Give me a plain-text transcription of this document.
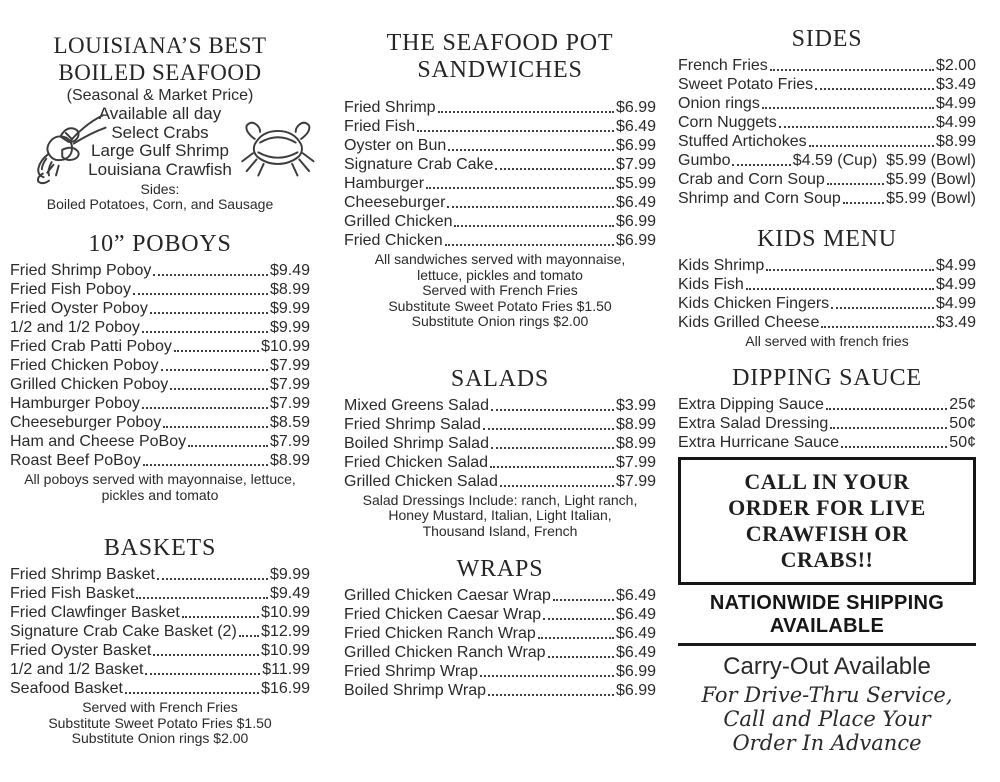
LOUISIANA’S BEST
BOILED SEAFOOD
(Seasonal & Market Price)
Available all day
Select Crabs
Large Gulf Shrimp
Louisiana Crawfish
Sides:
Boiled Potatoes, Corn, and Sausage
10” POBOYS
Fried Shrimp Poboy	$9.49
Fried Fish Poboy	$8.99
Fried Oyster Poboy	$9.99
1/2 and 1/2 Poboy	$9.99
Fried Crab Patti Poboy	$10.99
Fried Chicken Poboy	$7.99
Grilled Chicken Poboy	$7.99
Hamburger Poboy	$7.99
Cheeseburger Poboy	$8.59
Ham and Cheese PoBoy	$7.99
Roast Beef PoBoy	$8.99
All poboys served with mayonnaise, lettuce,
pickles and tomato
BASKETS
Fried Shrimp Basket	$9.99
Fried Fish Basket	$9.49
Fried Clawfinger Basket	$10.99
Signature Crab Cake Basket (2) $12.99
Fried Oyster Basket	$10.99
1/2 and 1/2 Basket	$11.99
Seafood Basket	$16.99
Served with French Fries
Substitute Sweet Potato Fries $1.50
Substitute Onion rings $2.00
THE SEAFOOD POT
SANDWICHES
Fried Shrimp	$6.99
Fried Fish	$6.49
Oyster on Bun	$6.99
Signature Crab Cake	$7.99
Hamburger	$5.99
Cheeseburger	$6.49
Grilled Chicken	$6.99
Fried Chicken	$6.99
All sandwiches served with mayonnaise,
lettuce, pickles and tomato
Served with French Fries
Substitute Sweet Potato Fries $1.50
Substitute Onion rings $2.00
SALADS
Mixed Greens Salad	$3.99
Fried Shrimp Salad	$8.99
Boiled Shrimp Salad	$8.99
Fried Chicken Salad	$7.99
Grilled Chicken Salad	$7.99
Salad Dressings Include: ranch, Light ranch,
Honey Mustard, Italian, Light Italian,
Thousand Island, French
WRAPS
Grilled Chicken Caesar Wrap	$6.49
Fried Chicken Caesar Wrap	$6.49
Fried Chicken Ranch Wrap	$6.49
Grilled Chicken Ranch Wrap	$6.49
Fried Shrimp Wrap	$6.99
Boiled Shrimp Wrap	$6.99
SIDES
French Fries	$2.00
Sweet Potato Fries	$3.49
Onion rings	$4.99
Corn Nuggets	$4.99
Stuffed Artichokes	$8.99
Gumbo	$4.59 (Cup)  $5.99 (Bowl)
Crab and Corn Soup	$5.99 (Bowl)
Shrimp and Corn Soup	$5.99 (Bowl)
KIDS MENU
Kids Shrimp	$4.99
Kids Fish	$4.99
Kids Chicken Fingers	$4.99
Kids Grilled Cheese	$3.49
All served with french fries
DIPPING SAUCE
Extra Dipping Sauce	25¢
Extra Salad Dressing	50¢
Extra Hurricane Sauce	50¢
CALL IN YOUR
ORDER FOR LIVE
CRAWFISH OR
CRABS!!
NATIONWIDE SHIPPING
AVAILABLE
Carry-Out Available
For Drive-Thru Service,
Call and Place Your
Order In Advance
